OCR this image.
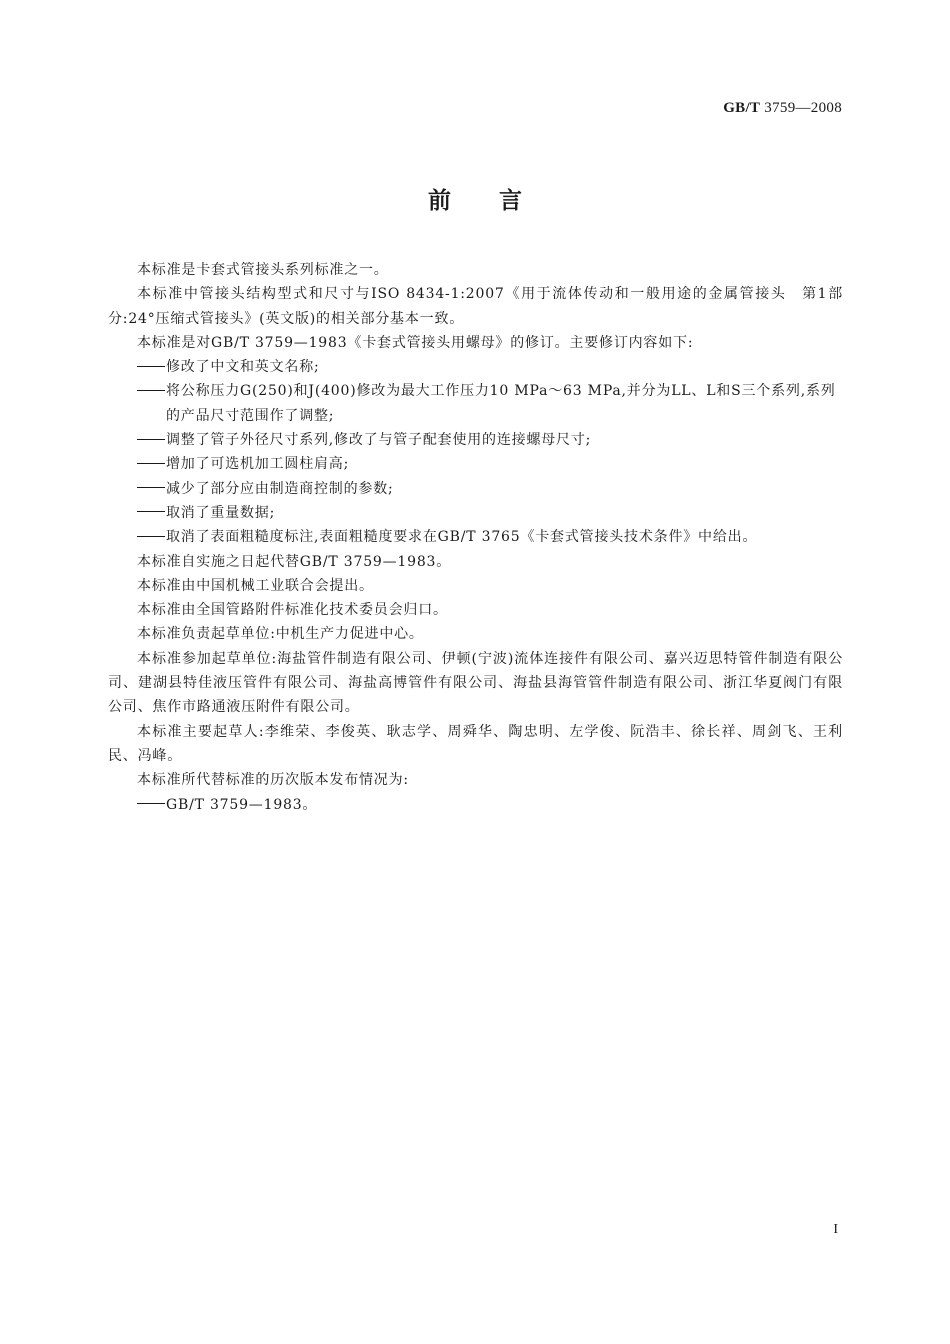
GB/T 3759—2008
前言

本标准是卡套式管接头系列标准之一。

本标准中管接头结构型式和尺寸与ISO 8434-1:2007《用于流体传动和一般用途的金属管接头　第1部分:24°压缩式管接头》(英文版)的相关部分基本一致。

本标准是对GB/T 3759—1983《卡套式管接头用螺母》的修订。主要修订内容如下:

修改了中文和英文名称;

将公称压力G(250)和J(400)修改为最大工作压力10 MPa～63 MPa,并分为LL、L和S三个系列,系列的产品尺寸范围作了调整;

调整了管子外径尺寸系列,修改了与管子配套使用的连接螺母尺寸;

增加了可选机加工圆柱肩高;

减少了部分应由制造商控制的参数;

取消了重量数据;

取消了表面粗糙度标注,表面粗糙度要求在GB/T 3765《卡套式管接头技术条件》中给出。

本标准自实施之日起代替GB/T 3759—1983。

本标准由中国机械工业联合会提出。

本标准由全国管路附件标准化技术委员会归口。

本标准负责起草单位:中机生产力促进中心。

本标准参加起草单位:海盐管件制造有限公司、伊顿(宁波)流体连接件有限公司、嘉兴迈思特管件制造有限公司、建湖县特佳液压管件有限公司、海盐高博管件有限公司、海盐县海管管件制造有限公司、浙江华夏阀门有限公司、焦作市路通液压附件有限公司。

本标准主要起草人:李维荣、李俊英、耿志学、周舜华、陶忠明、左学俊、阮浩丰、徐长祥、周剑飞、王利民、冯峰。

本标准所代替标准的历次版本发布情况为:

GB/T 3759—1983。

I
